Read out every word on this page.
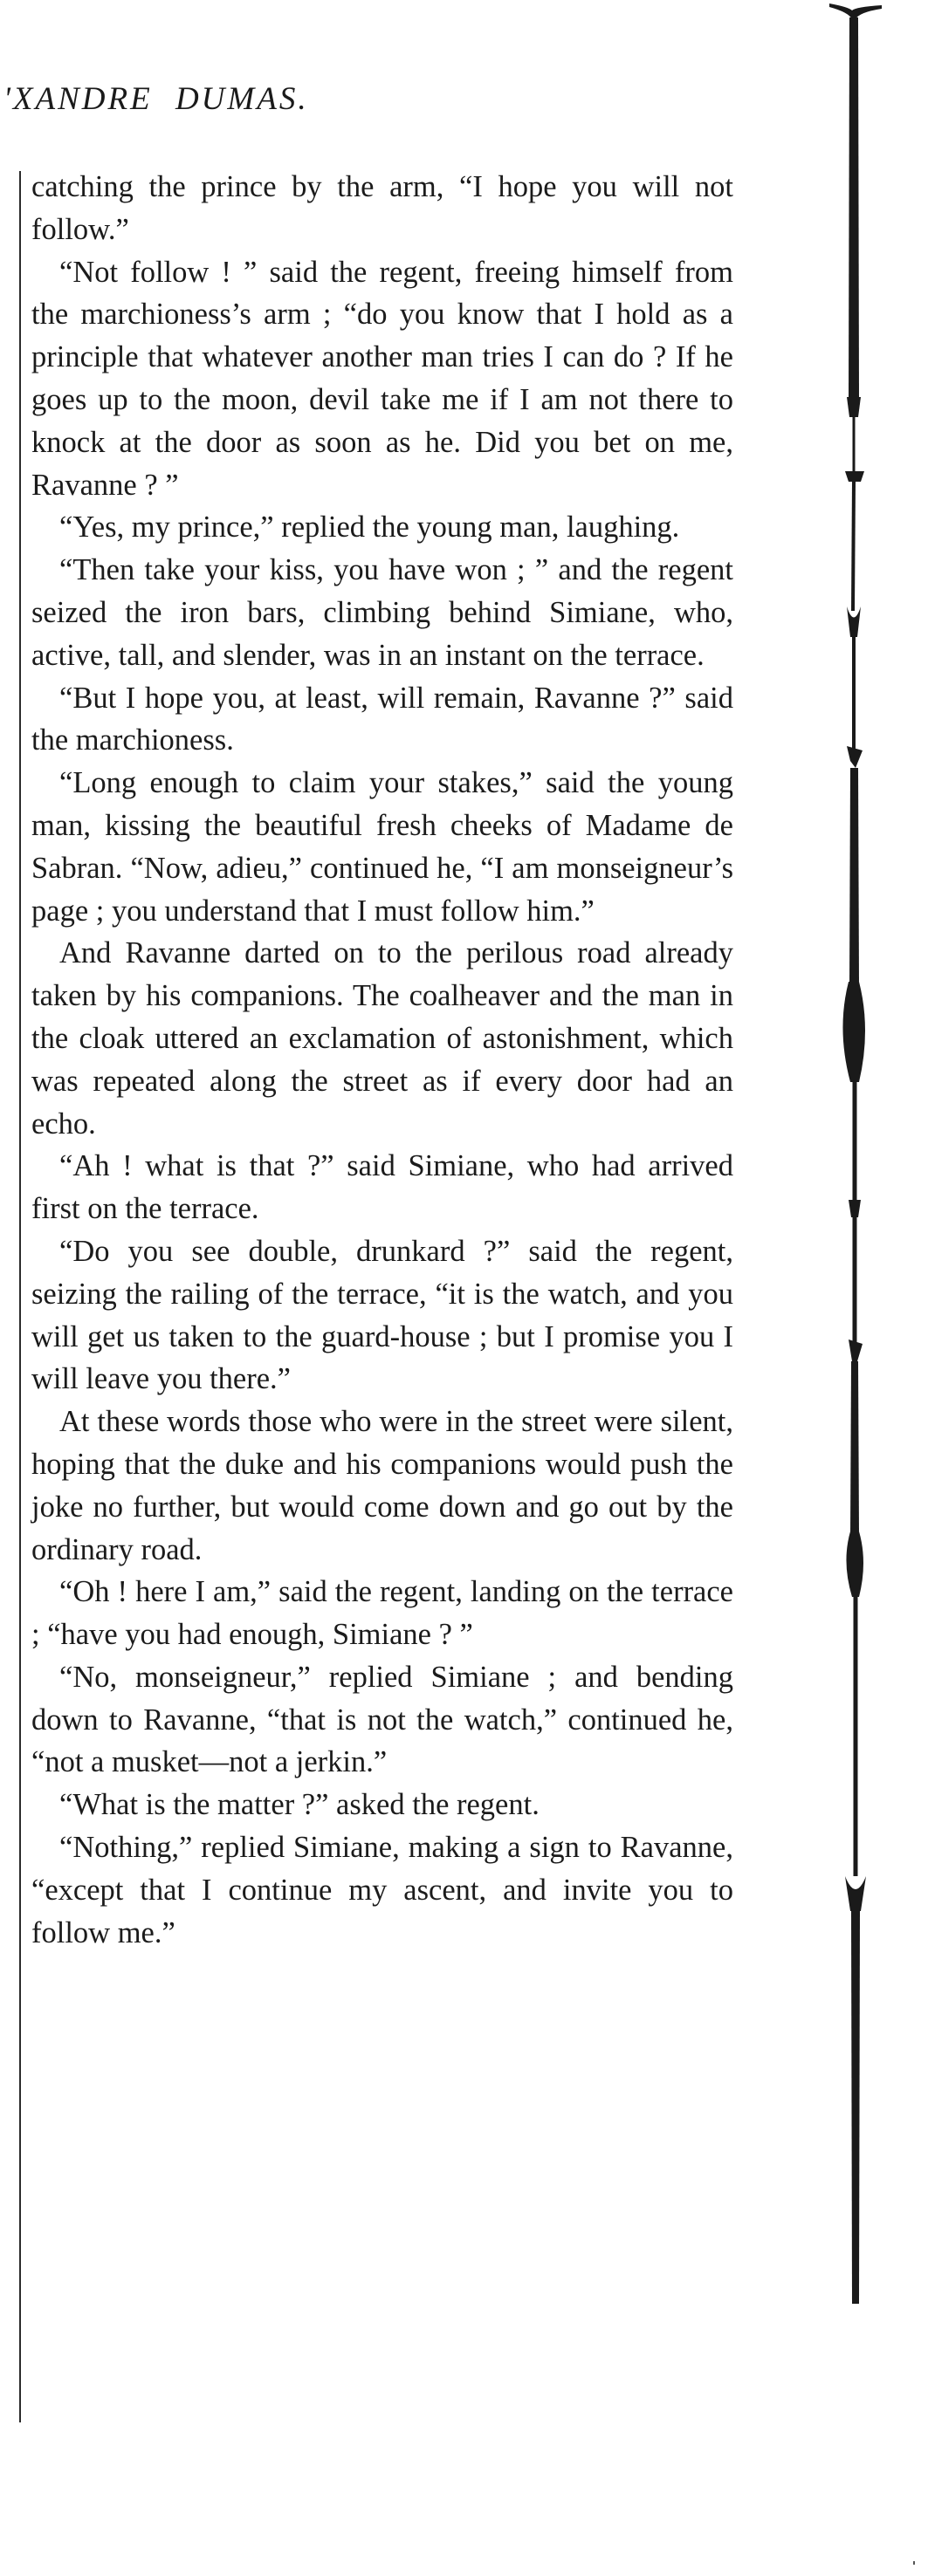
'XANDRE DUMAS.

catching the prince by the arm, “I hope you will not follow.”

“Not follow ! ” said the regent, freeing himself from the marchioness’s arm ; “do you know that I hold as a principle that whatever another man tries I can do ? If he goes up to the moon, devil take me if I am not there to knock at the door as soon as he. Did you bet on me, Ravanne ? ”

“Yes, my prince,” replied the young man, laughing.

“Then take your kiss, you have won ; ” and the regent seized the iron bars, climbing behind Simiane, who, active, tall, and slender, was in an instant on the terrace.

“But I hope you, at least, will remain, Ravanne ?” said the marchioness.

“Long enough to claim your stakes,” said the young man, kissing the beautiful fresh cheeks of Madame de Sabran. “Now, adieu,” continued he, “I am monseigneur’s page ; you understand that I must follow him.”

And Ravanne darted on to the perilous road already taken by his companions. The coalheaver and the man in the cloak uttered an exclamation of astonishment, which was repeated along the street as if every door had an echo.

“Ah ! what is that ?” said Simiane, who had arrived first on the terrace.

“Do you see double, drunkard ?” said the regent, seizing the railing of the terrace, “it is the watch, and you will get us taken to the guard-house ; but I promise you I will leave you there.”

At these words those who were in the street were silent, hoping that the duke and his companions would push the joke no further, but would come down and go out by the ordinary road.

“Oh ! here I am,” said the regent, landing on the terrace ; “have you had enough, Simiane ? ”

“No, monseigneur,” replied Simiane ; and bending down to Ravanne, “that is not the watch,” continued he, “not a musket—not a jerkin.”

“What is the matter ?” asked the regent.

“Nothing,” replied Simiane, making a sign to Ravanne, “except that I continue my ascent, and invite you to follow me.”
